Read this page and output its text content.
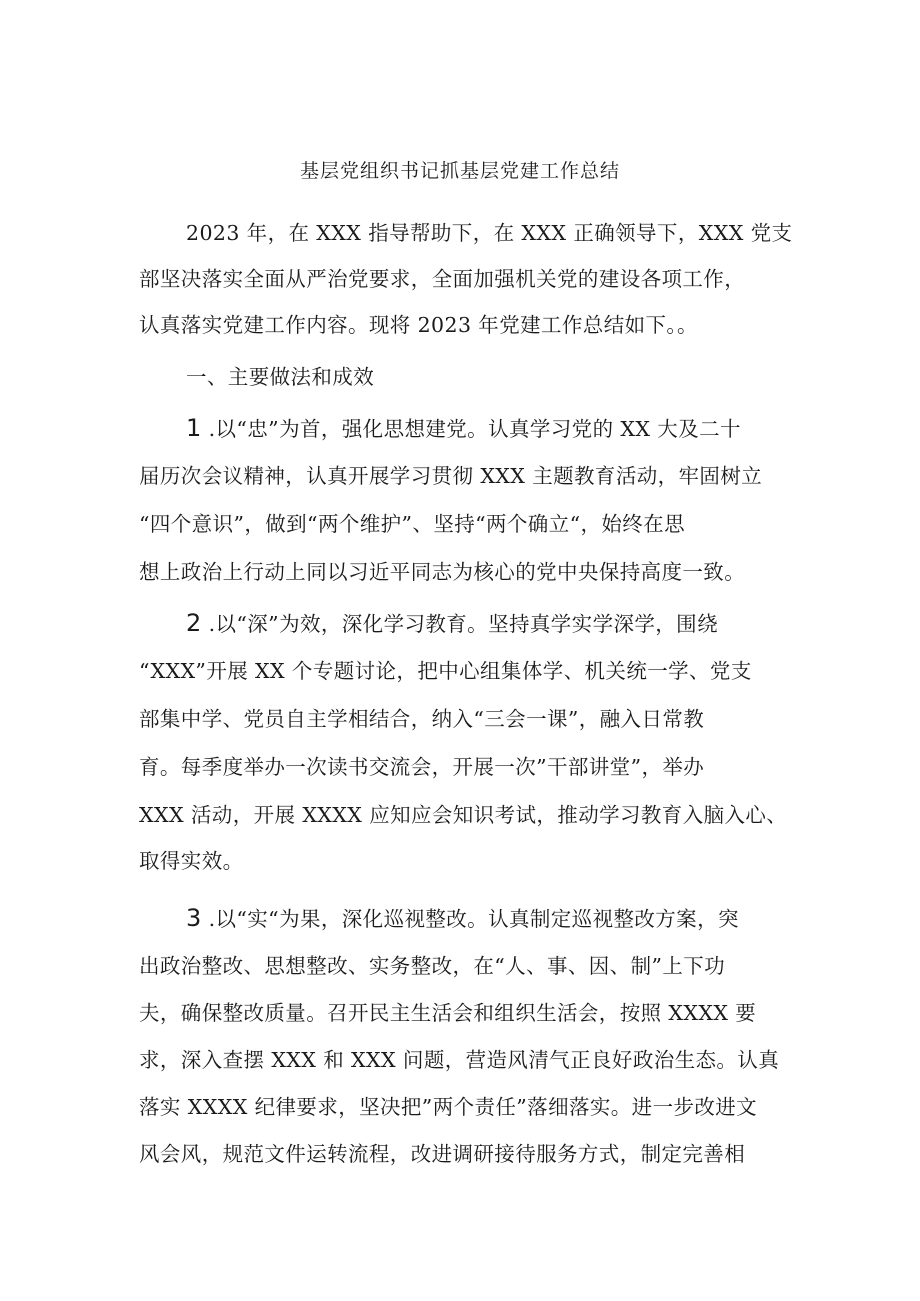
基层党组织书记抓基层党建工作总结
2023 年，在 XXX 指导帮助下，在 XXX 正确领导下，XXX 党支
部坚决落实全面从严治党要求，全面加强机关党的建设各项工作，
认真落实党建工作内容。现将 2023 年党建工作总结如下。。
一、主要做法和成效
1 .以“忠”为首，强化思想建党。认真学习党的 XX 大及二十
届历次会议精神，认真开展学习贯彻 XXX 主题教育活动，牢固树立
“四个意识”，做到“两个维护”、坚持“两个确立“，始终在思
想上政治上行动上同以习近平同志为核心的党中央保持高度一致。
2 .以“深”为效，深化学习教育。坚持真学实学深学，围绕
“XXX”开展 XX 个专题讨论，把中心组集体学、机关统一学、党支
部集中学、党员自主学相结合，纳入“三会一课”，融入日常教
育。每季度举办一次读书交流会，开展一次”干部讲堂”，举办
XXX 活动，开展 XXXX 应知应会知识考试，推动学习教育入脑入心、
取得实效。
3 .以“实“为果，深化巡视整改。认真制定巡视整改方案，突
出政治整改、思想整改、实务整改，在“人、事、因、制”上下功
夫，确保整改质量。召开民主生活会和组织生活会，按照 XXXX 要
求，深入查摆 XXX 和 XXX 问题，营造风清气正良好政治生态。认真
落实 XXXX 纪律要求，坚决把”两个责任”落细落实。进一步改进文
风会风，规范文件运转流程，改进调研接待服务方式，制定完善相
